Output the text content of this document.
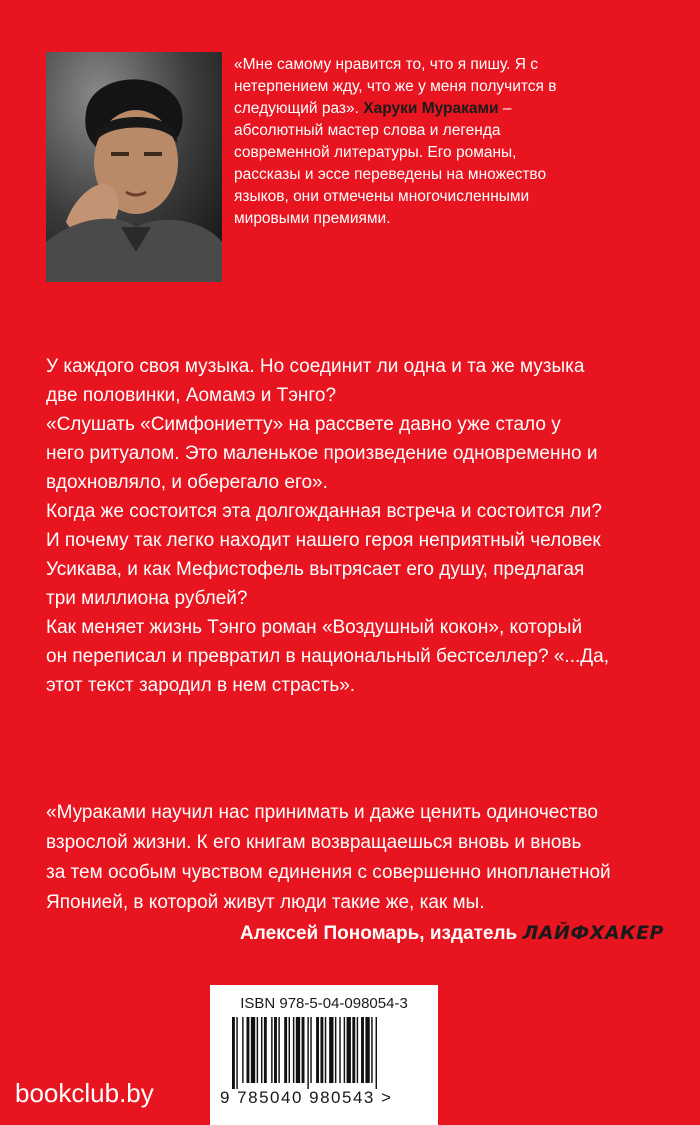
«Мне самому нравится то, что я пишу. Я с нетерпением жду, что же у меня получится в следующий раз». Харуки Мураками – абсолютный мастер слова и легенда современной литературы. Его романы, рассказы и эссе переведены на множество языков, они отмечены многочисленными мировыми премиями.
У каждого своя музыка. Но соединит ли одна и та же музыка
две половинки, Аомамэ и Тэнго?
«Слушать «Симфониетту» на рассвете давно уже стало у
него ритуалом. Это маленькое произведение одновременно и
вдохновляло, и оберегало его».
Когда же состоится эта долгожданная встреча и состоится ли?
И почему так легко находит нашего героя неприятный человек
Усикава, и как Мефистофель вытрясает его душу, предлагая
три миллиона рублей?
Как меняет жизнь Тэнго роман «Воздушный кокон», который
он переписал и превратил в национальный бестселлер? «...Да,
этот текст зародил в нем страсть».
«Мураками научил нас принимать и даже ценить одиночество
взрослой жизни. К его книгам возвращаешься вновь и вновь
за тем особым чувством единения с совершенно инопланетной
Японией, в которой живут люди такие же, как мы.
Алексей Пономарь, издатель ЛАЙФХАКЕР
ISBN 978-5-04-098054-3
9 785040 980543 >
bookclub.by
